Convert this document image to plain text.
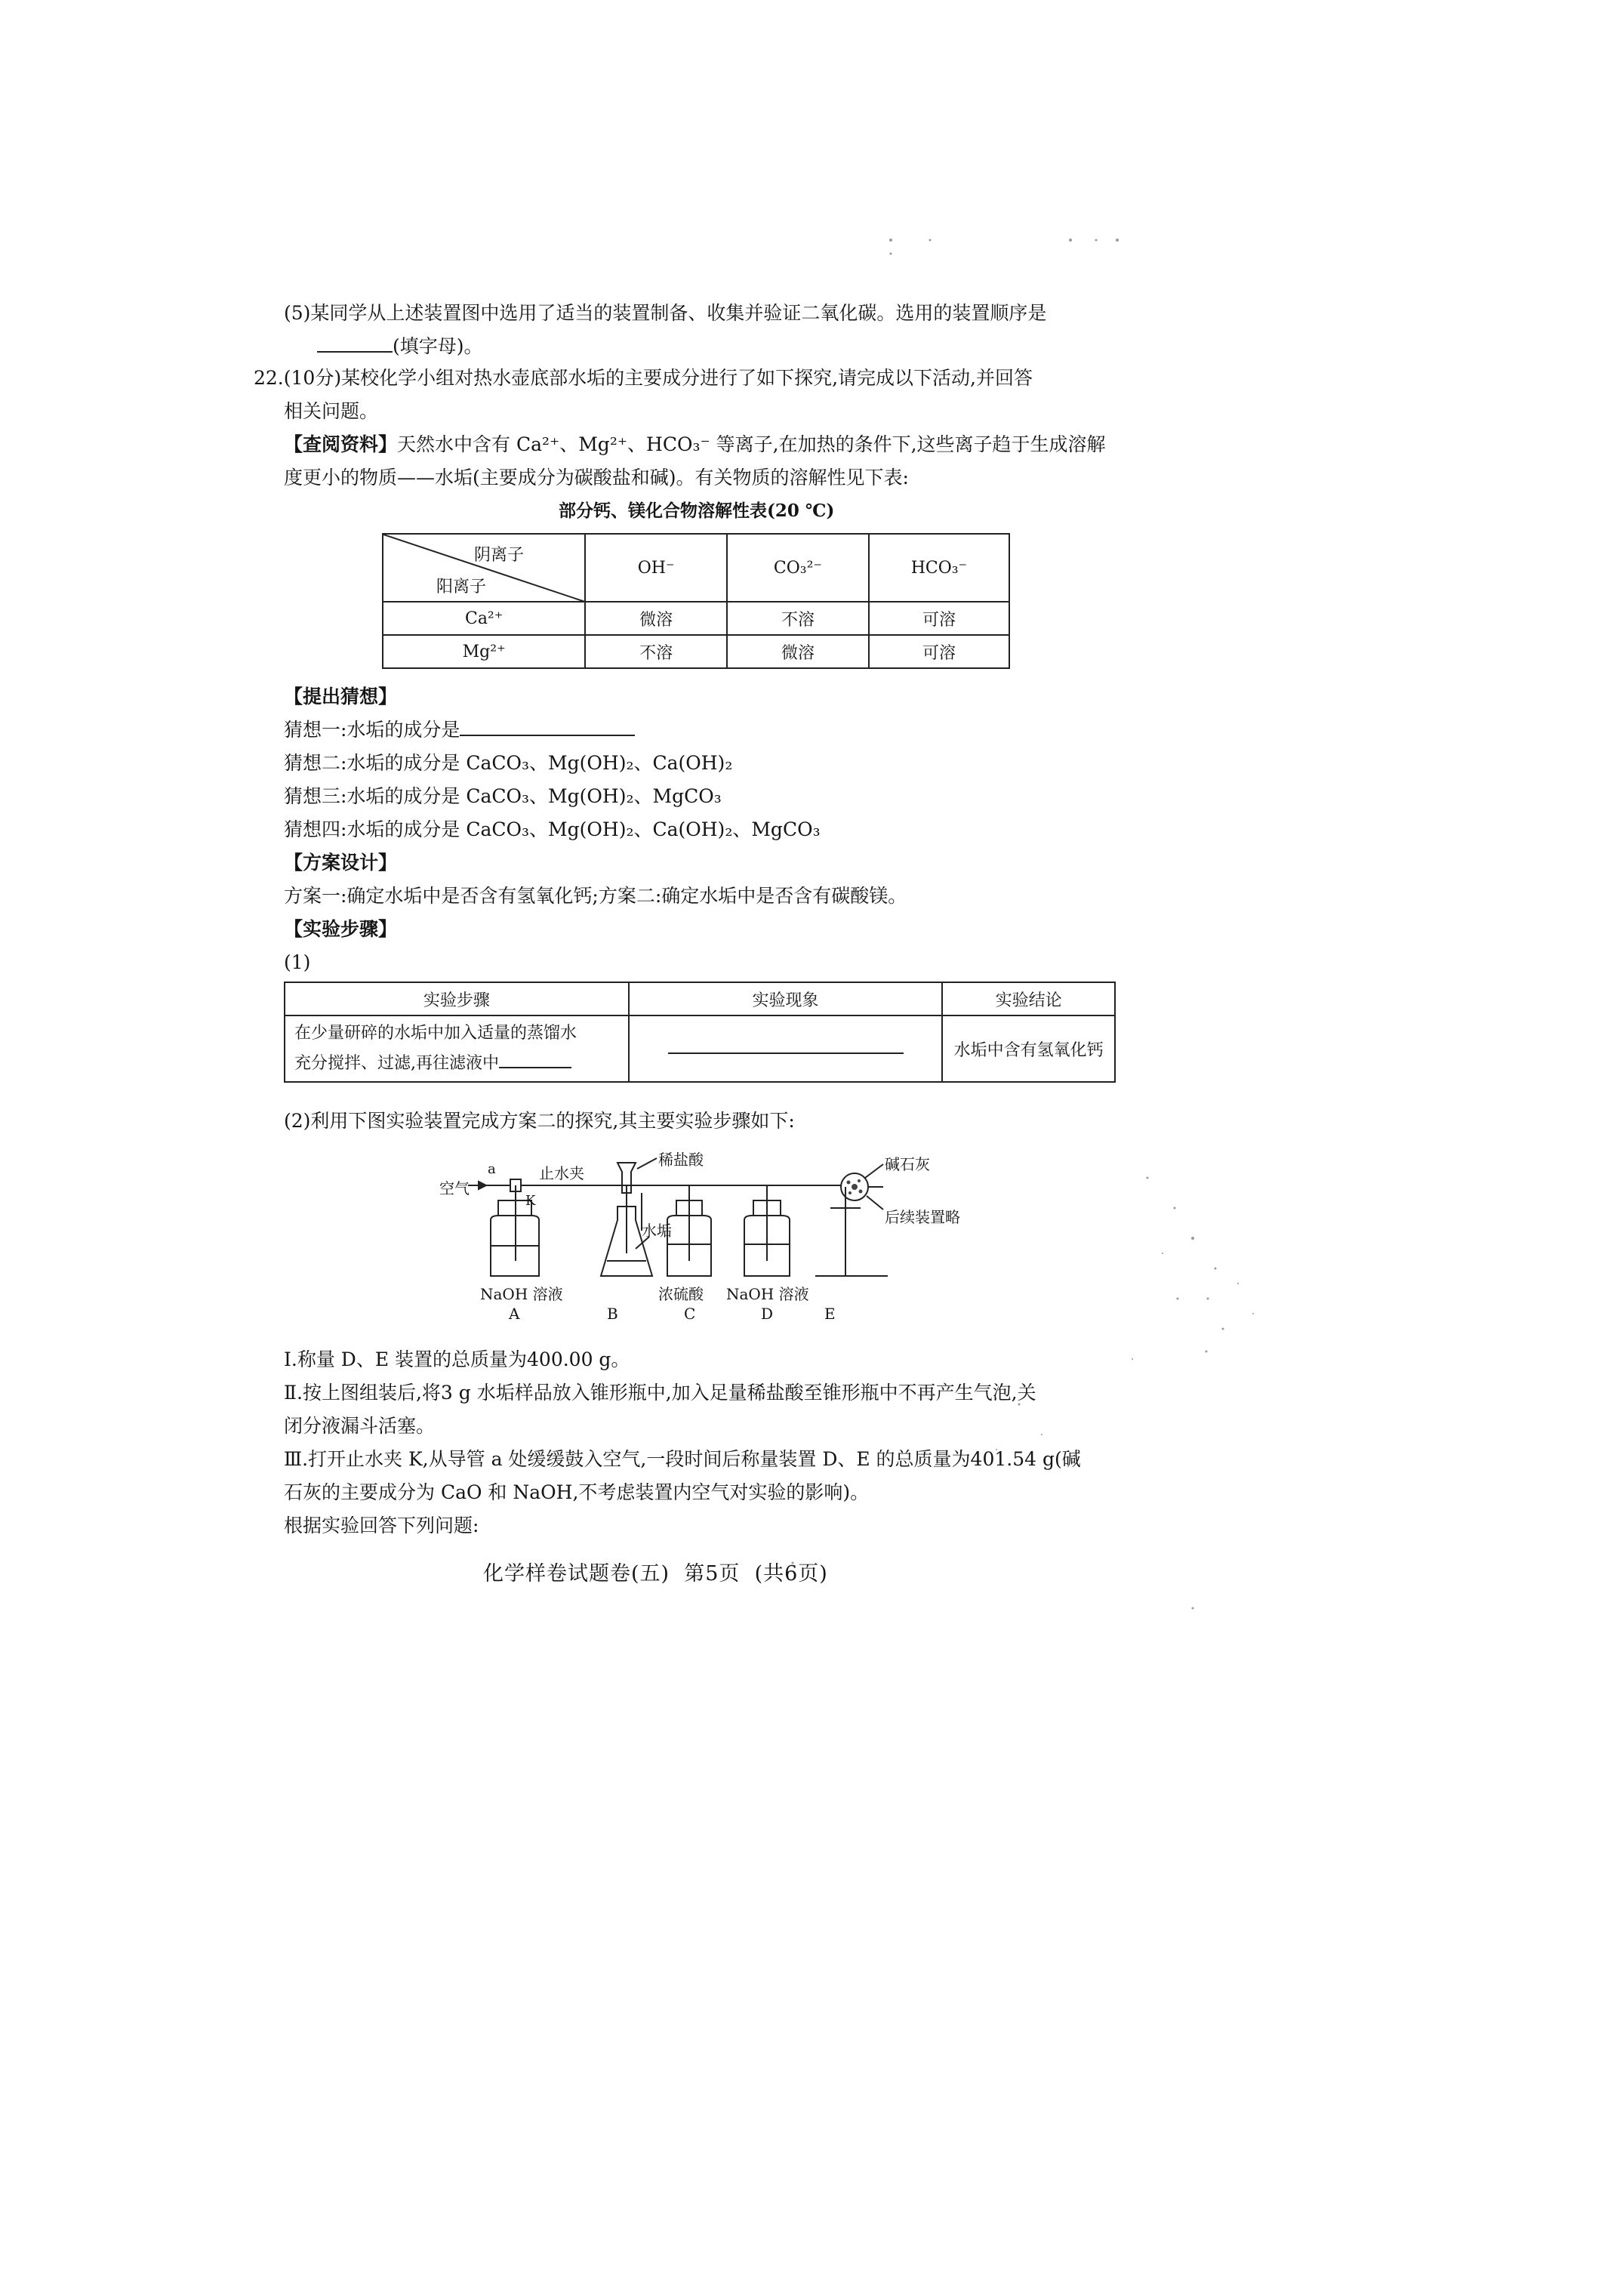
(5)某同学从上述装置图中选用了适当的装置制备、收集并验证二氧化碳。选用的装置顺序是
(填字母)。
22.(10分)某校化学小组对热水壶底部水垢的主要成分进行了如下探究,请完成以下活动,并回答
相关问题。
【查阅资料】天然水中含有 Ca²⁺、Mg²⁺、HCO₃⁻ 等离子,在加热的条件下,这些离子趋于生成溶解
度更小的物质——水垢(主要成分为碳酸盐和碱)。有关物质的溶解性见下表:
部分钙、镁化合物溶解性表(20 ℃)
阴离子
阳离子	OH⁻	CO₃²⁻	HCO₃⁻
Ca²⁺	微溶	不溶	可溶
Mg²⁺	不溶	微溶	可溶
【提出猜想】
猜想一:水垢的成分是
猜想二:水垢的成分是 CaCO₃、Mg(OH)₂、Ca(OH)₂
猜想三:水垢的成分是 CaCO₃、Mg(OH)₂、MgCO₃
猜想四:水垢的成分是 CaCO₃、Mg(OH)₂、Ca(OH)₂、MgCO₃
【方案设计】
方案一:确定水垢中是否含有氢氧化钙;方案二:确定水垢中是否含有碳酸镁。
【实验步骤】
(1)
实验步骤	实验现象	实验结论

在少量研碎的水垢中加入适量的蒸馏水
充分搅拌、过滤,再往滤液中		水垢中含有氢氧化钙
(2)利用下图实验装置完成方案二的探究,其主要实验步骤如下:
空气
a	止水夹
K
稀盐酸
水垢
碱石灰
后续装置略
NaOH 溶液	浓硫酸 NaOH 溶液
A	B	C	D	E
Ⅰ.称量 D、E 装置的总质量为400.00 g。
Ⅱ.按上图组装后,将3 g 水垢样品放入锥形瓶中,加入足量稀盐酸至锥形瓶中不再产生气泡,关
闭分液漏斗活塞。
Ⅲ.打开止水夹 K,从导管 a 处缓缓鼓入空气,一段时间后称量装置 D、E 的总质量为401.54 g(碱
石灰的主要成分为 CaO 和 NaOH,不考虑装置内空气对实验的影响)。
根据实验回答下列问题:
化学样卷试题卷(五)  第5页  (共6页)
